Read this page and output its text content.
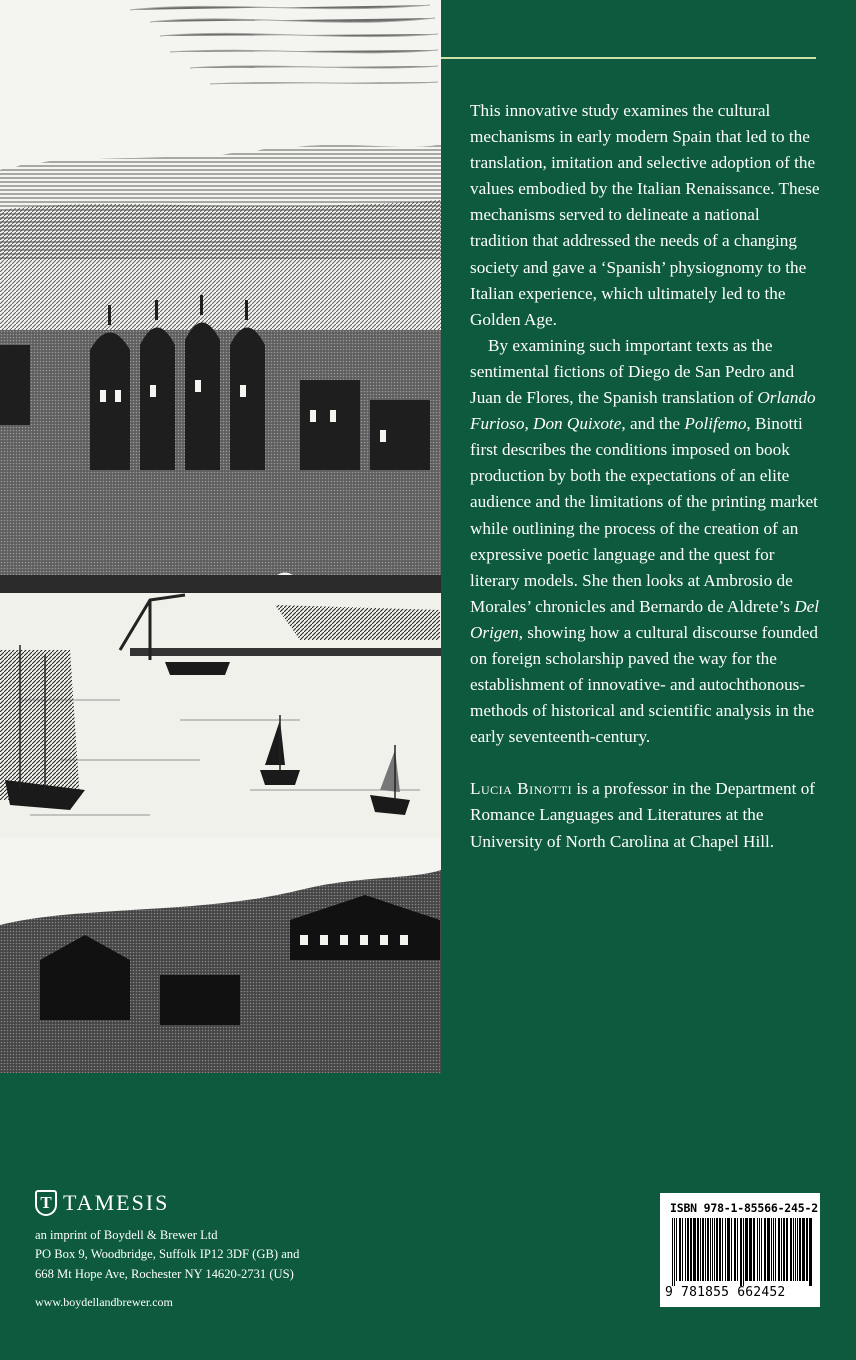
This innovative study examines the cultural mechanisms in early modern Spain that led to the translation, imitation and selective adoption of the values embodied by the Italian Renaissance. These mechanisms served to delineate a national tradition that addressed the needs of a changing society and gave a ‘Spanish’ physiognomy to the Italian experience, which ultimately led to the Golden Age.

By examining such important texts as the sentimental fictions of Diego de San Pedro and Juan de Flores, the Spanish translation of Orlando Furioso, Don Quixote, and the Polifemo, Binotti first describes the conditions imposed on book production by both the expectations of an elite audience and the limitations of the printing market while outlining the process of the creation of an expressive poetic language and the quest for literary models. She then looks at Ambrosio de Morales’ chronicles and Bernardo de Aldrete’s Del Origen, showing how a cultural discourse founded on foreign scholarship paved the way for the establishment of innovative- and autochthonous-methods of historical and scientific analysis in the early seventeenth-century.

Lucia Binotti is a professor in the Department of Romance Languages and Literatures at the University of North Carolina at Chapel Hill.

T TAMESIS
an imprint of Boydell & Brewer Ltd
PO Box 9, Woodbridge, Suffolk IP12 3DF (GB) and
668 Mt Hope Ave, Rochester NY 14620-2731 (US)
www.boydellandbrewer.com
ISBN 978-1-85566-245-2
9 781855 662452
